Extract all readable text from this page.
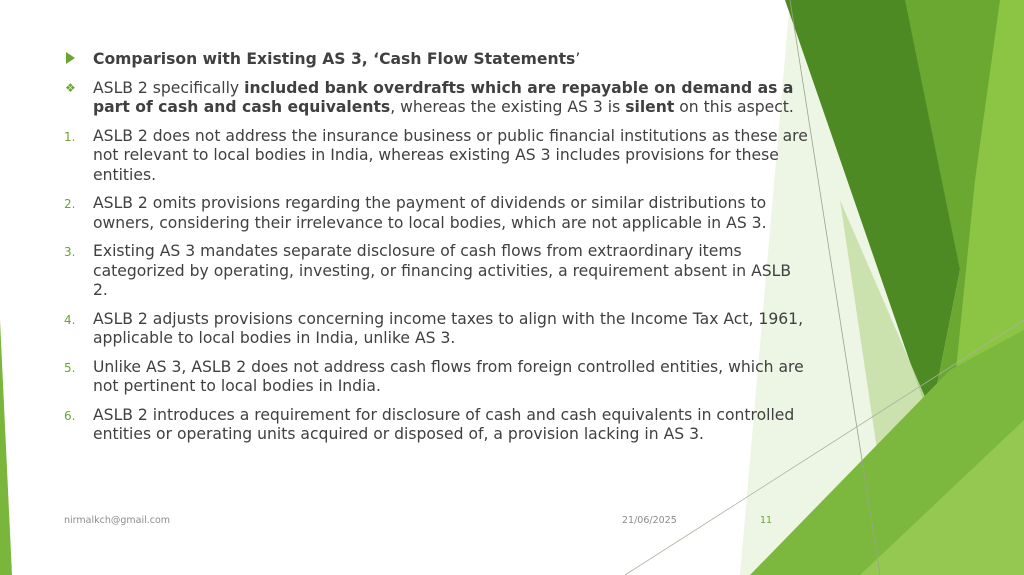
Comparison with Existing AS 3, ‘Cash Flow Statements’
❖ ASLB 2 specifically included bank overdrafts which are repayable on demand as a part of cash and cash equivalents, whereas the existing AS 3 is silent on this aspect.
1. ASLB 2 does not address the insurance business or public financial institutions as these are not relevant to local bodies in India, whereas existing AS 3 includes provisions for these entities.
2. ASLB 2 omits provisions regarding the payment of dividends or similar distributions to owners, considering their irrelevance to local bodies, which are not applicable in AS 3.
3. Existing AS 3 mandates separate disclosure of cash flows from extraordinary items categorized by operating, investing, or financing activities, a requirement absent in ASLB 2.
4. ASLB 2 adjusts provisions concerning income taxes to align with the Income Tax Act, 1961, applicable to local bodies in India, unlike AS 3.
5. Unlike AS 3, ASLB 2 does not address cash flows from foreign controlled entities, which are not pertinent to local bodies in India.
6. ASLB 2 introduces a requirement for disclosure of cash and cash equivalents in controlled entities or operating units acquired or disposed of, a provision lacking in AS 3.
nirmalkch@gmail.com	21/06/2025	11
